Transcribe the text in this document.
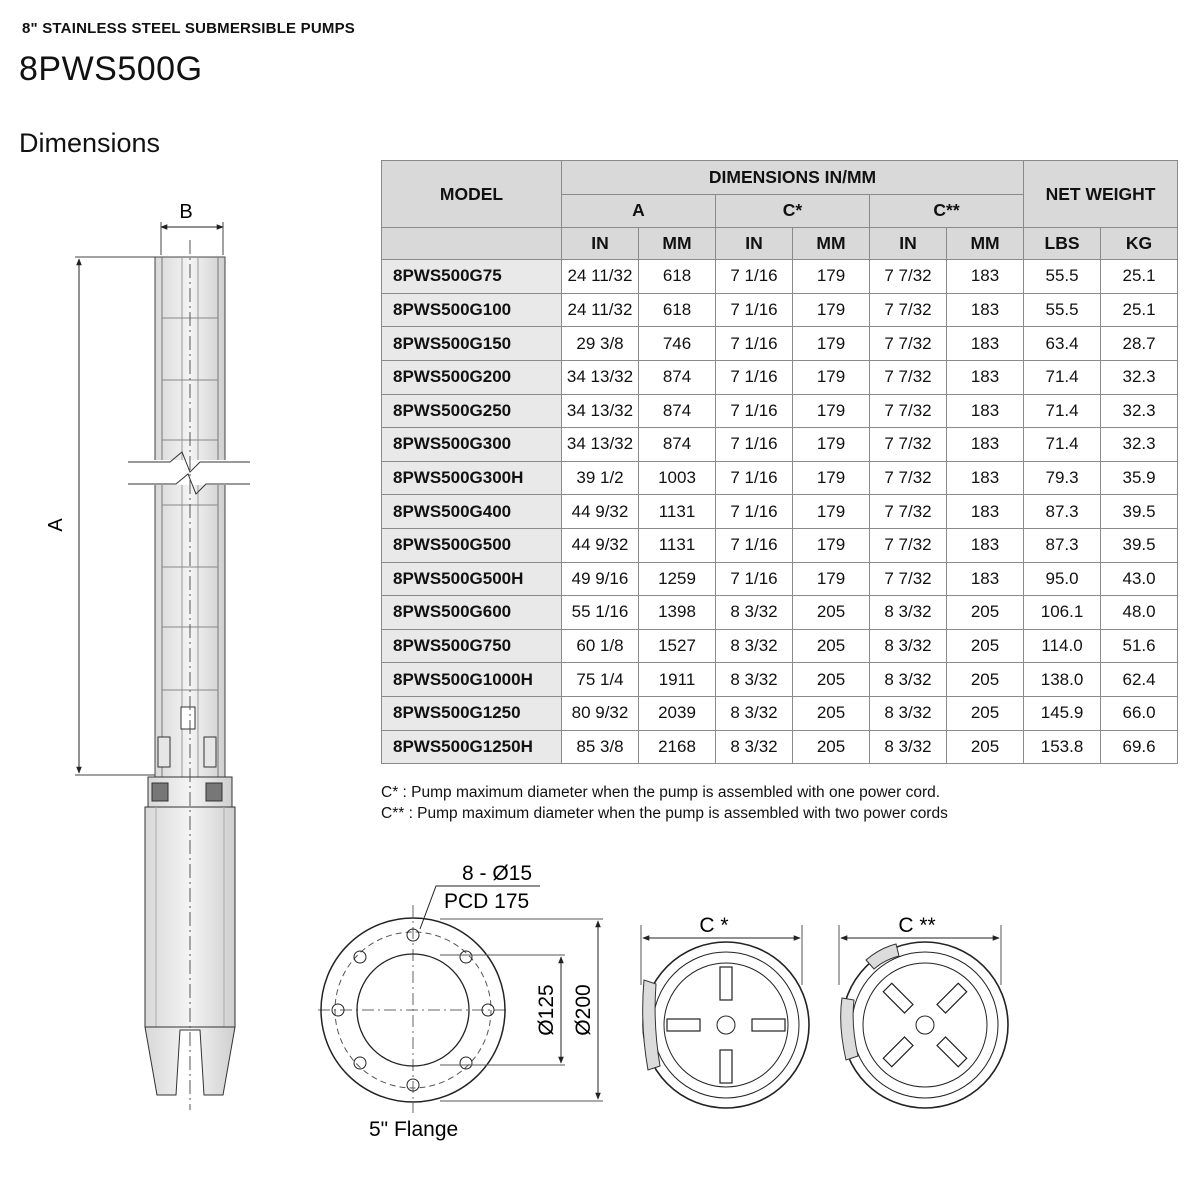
8" STAINLESS STEEL SUBMERSIBLE PUMPS
8PWS500G
Dimensions
MODEL	DIMENSIONS IN/MM						NET WEIGHT	
	A		C*		C**			
	IN	MM	IN	MM	IN	MM	LBS	KG
8PWS500G75	24 11/32	618	7 1/16	179	7 7/32	183	55.5	25.1
8PWS500G100	24 11/32	618	7 1/16	179	7 7/32	183	55.5	25.1
8PWS500G150	29 3/8	746	7 1/16	179	7 7/32	183	63.4	28.7
8PWS500G200	34 13/32	874	7 1/16	179	7 7/32	183	71.4	32.3
8PWS500G250	34 13/32	874	7 1/16	179	7 7/32	183	71.4	32.3
8PWS500G300	34 13/32	874	7 1/16	179	7 7/32	183	71.4	32.3
8PWS500G300H	39 1/2	1003	7 1/16	179	7 7/32	183	79.3	35.9
8PWS500G400	44 9/32	1131	7 1/16	179	7 7/32	183	87.3	39.5
8PWS500G500	44 9/32	1131	7 1/16	179	7 7/32	183	87.3	39.5
8PWS500G500H	49 9/16	1259	7 1/16	179	7 7/32	183	95.0	43.0
8PWS500G600	55 1/16	1398	8 3/32	205	8 3/32	205	106.1	48.0
8PWS500G750	60 1/8	1527	8 3/32	205	8 3/32	205	114.0	51.6
8PWS500G1000H	75 1/4	1911	8 3/32	205	8 3/32	205	138.0	62.4
8PWS500G1250	80 9/32	2039	8 3/32	205	8 3/32	205	145.9	66.0
8PWS500G1250H	85 3/8	2168	8 3/32	205	8 3/32	205	153.8	69.6
C* : Pump maximum diameter when the pump is assembled with one power cord.
C** : Pump maximum diameter when the pump is assembled with two power cords
B
A
8 - Ø15
PCD 175
Ø125 Ø200
5" Flange
C *	C **
